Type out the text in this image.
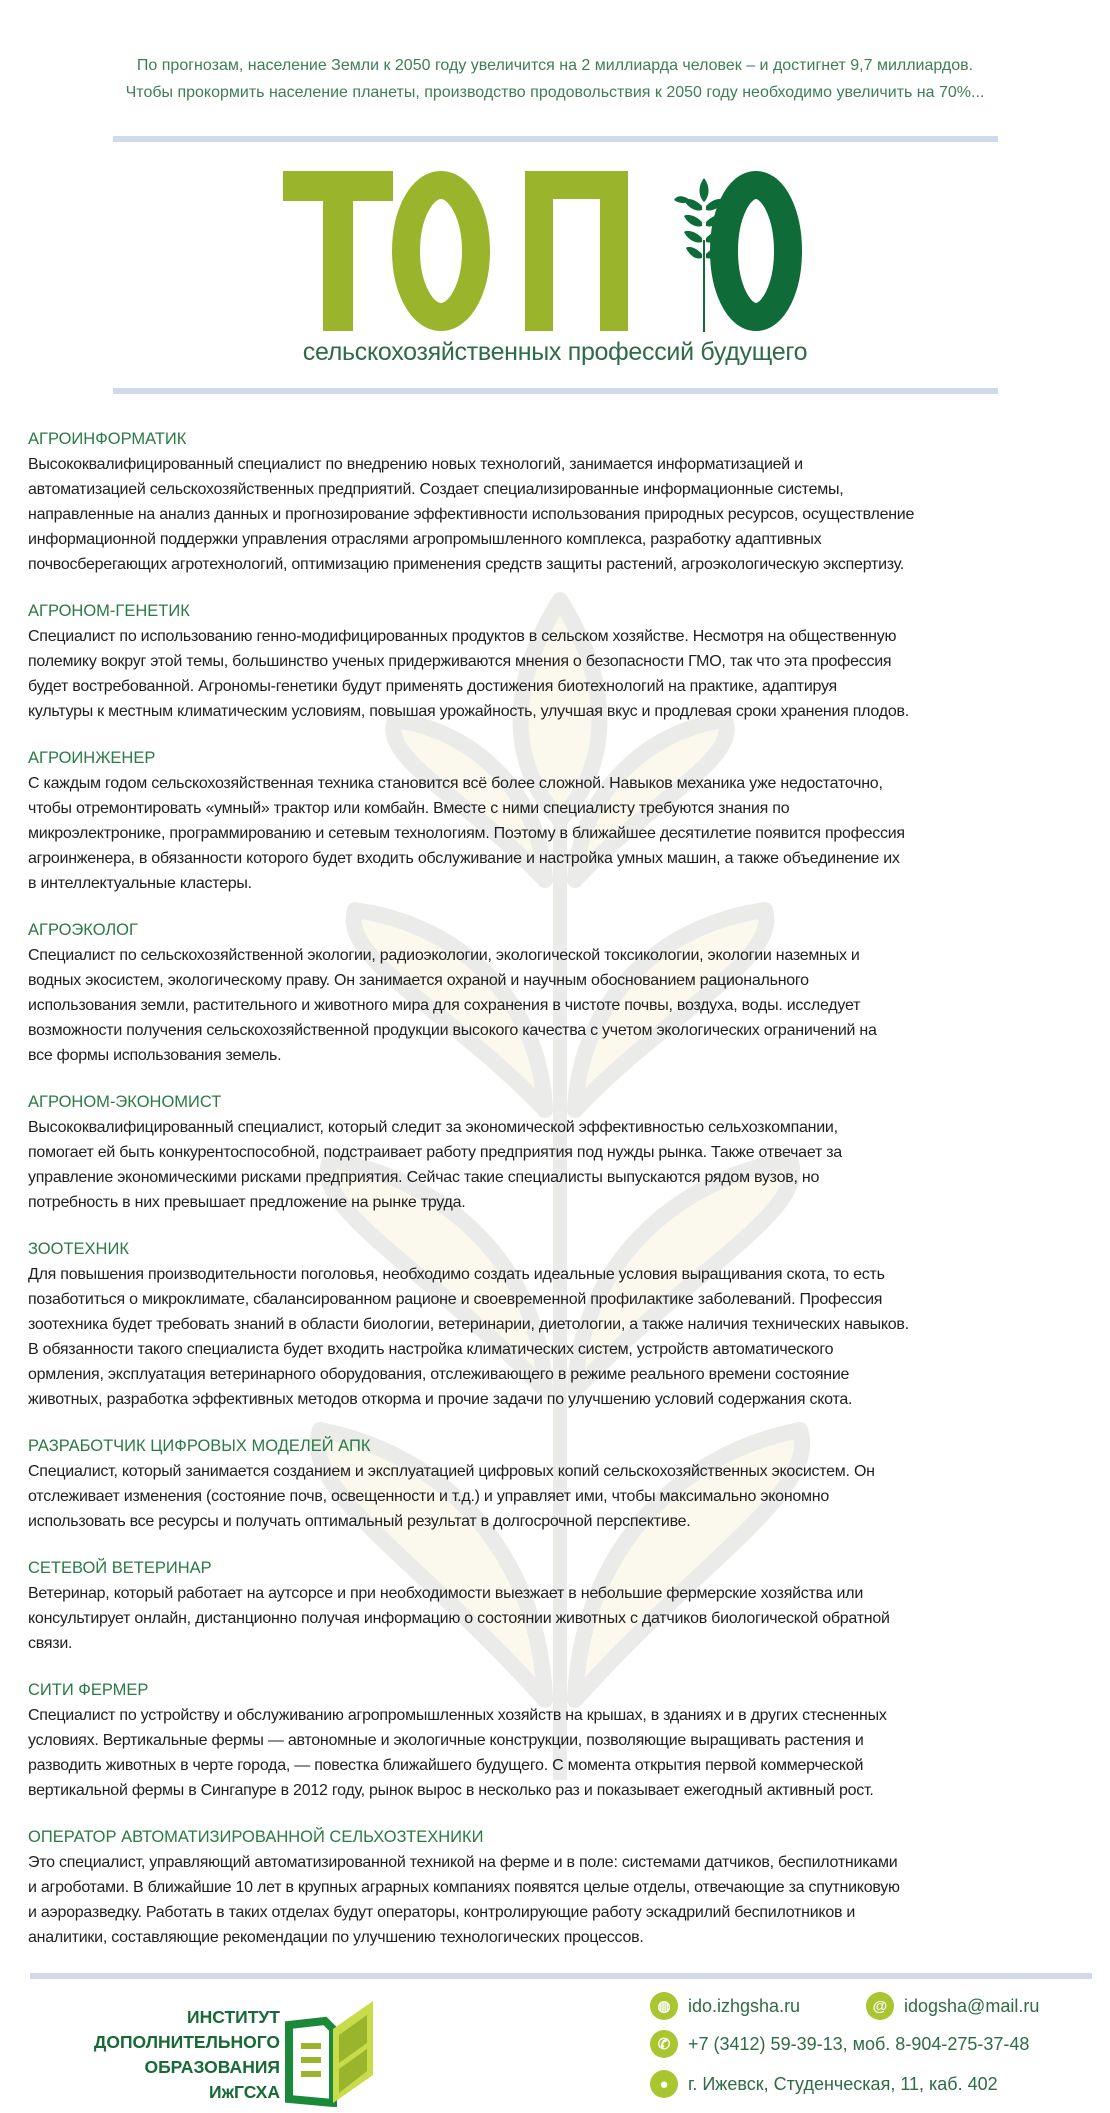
По прогнозам, население Земли к 2050 году увеличится на 2 миллиарда человек – и достигнет 9,7 миллиардов.
Чтобы прокормить население планеты, производство продовольствия к 2050 году необходимо увеличить на 70%...
сельскохозяйственных профессий будущего
АГРОИНФОРМАТИК
Высококвалифицированный специалист по внедрению новых технологий, занимается информатизацией и
автоматизацией сельскохозяйственных предприятий. Создает специализированные информационные системы,
направленные на анализ данных и прогнозирование эффективности использования природных ресурсов, осуществление
информационной поддержки управления отраслями агропромышленного комплекса, разработку адаптивных
почвосберегающих агротехнологий, оптимизацию применения средств защиты растений, агроэкологическую экспертизу.
АГРОНОМ-ГЕНЕТИК
Специалист по использованию генно-модифицированных продуктов в сельском хозяйстве. Несмотря на общественную
полемику вокруг этой темы, большинство ученых придерживаются мнения о безопасности ГМО, так что эта профессия
будет востребованной. Агрономы-генетики будут применять достижения биотехнологий на практике, адаптируя
культуры к местным климатическим условиям, повышая урожайность, улучшая вкус и продлевая сроки хранения плодов.
АГРОИНЖЕНЕР
С каждым годом сельскохозяйственная техника становится всё более сложной. Навыков механика уже недостаточно,
чтобы отремонтировать «умный» трактор или комбайн. Вместе с ними специалисту требуются знания по
микроэлектронике, программированию и сетевым технологиям. Поэтому в ближайшее десятилетие появится профессия
агроинженера, в обязанности которого будет входить обслуживание и настройка умных машин, а также объединение их
в интеллектуальные кластеры.
АГРОЭКОЛОГ
Специалист по сельскохозяйственной экологии, радиоэкологии, экологической токсикологии, экологии наземных и
водных экосистем, экологическому праву. Он занимается охраной и научным обоснованием рационального
использования земли, растительного и животного мира для сохранения в чистоте почвы, воздуха, воды. исследует
возможности получения сельскохозяйственной продукции высокого качества с учетом экологических ограничений на
все формы использования земель.
АГРОНОМ-ЭКОНОМИСТ
Высококвалифицированный специалист, который следит за экономической эффективностью сельхозкомпании,
помогает ей быть конкурентоспособной, подстраивает работу предприятия под нужды рынка. Также отвечает за
управление экономическими рисками предприятия. Сейчас такие специалисты выпускаются рядом вузов, но
потребность в них превышает предложение на рынке труда.
ЗООТЕХНИК
Для повышения производительности поголовья, необходимо создать идеальные условия выращивания скота, то есть
позаботиться о микроклимате, сбалансированном рационе и своевременной профилактике заболеваний. Профессия
зоотехника будет требовать знаний в области биологии, ветеринарии, диетологии, а также наличия технических навыков.
В обязанности такого специалиста будет входить настройка климатических систем, устройств автоматического
ормления, эксплуатация ветеринарного оборудования, отслеживающего в режиме реального времени состояние
животных, разработка эффективных методов откорма и прочие задачи по улучшению условий содержания скота.
РАЗРАБОТЧИК ЦИФРОВЫХ МОДЕЛЕЙ АПК
Специалист, который занимается созданием и эксплуатацией цифровых копий сельскохозяйственных экосистем. Он
отслеживает изменения (состояние почв, освещенности и т.д.) и управляет ими, чтобы максимально экономно
использовать все ресурсы и получать оптимальный результат в долгосрочной перспективе.
СЕТЕВОЙ ВЕТЕРИНАР
Ветеринар, который работает на аутсорсе и при необходимости выезжает в небольшие фермерские хозяйства или
консультирует онлайн, дистанционно получая информацию о состоянии животных с датчиков биологической обратной
связи.
СИТИ ФЕРМЕР
Специалист по устройству и обслуживанию агропромышленных хозяйств на крышах, в зданиях и в других стесненных
условиях. Вертикальные фермы — автономные и экологичные конструкции, позволяющие выращивать растения и
разводить животных в черте города, — повестка ближайшего будущего. С момента открытия первой коммерческой
вертикальной фермы в Сингапуре в 2012 году, рынок вырос в несколько раз и показывает ежегодный активный рост.
ОПЕРАТОР АВТОМАТИЗИРОВАННОЙ СЕЛЬХОЗТЕХНИКИ
Это специалист, управляющий автоматизированной техникой на ферме и в поле: системами датчиков, беспилотниками
и агроботами. В ближайшие 10 лет в крупных аграрных компаниях появятся целые отделы, отвечающие за спутниковую
и аэроразведку. Работать в таких отделах будут операторы, контролирующие работу эскадрилий беспилотников и
аналитики, составляющие рекомендации по улучшению технологических процессов.
ИНСТИТУТ
ДОПОЛНИТЕЛЬНОГО
ОБРАЗОВАНИЯ
ИжГСХА
◍ ido.izhgsha.ru	@ idogsha@mail.ru
✆ +7 (3412) 59-39-13, моб. 8-904-275-37-48
●	г. Ижевск, Студенческая, 11, каб. 402
